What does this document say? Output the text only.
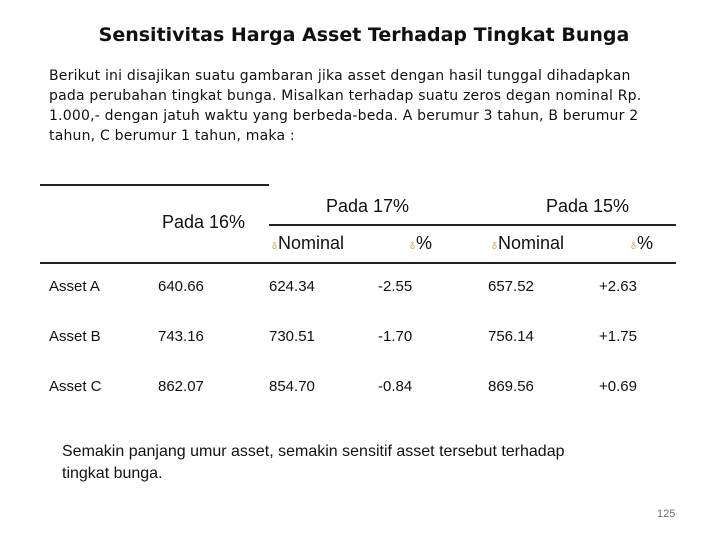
Sensitivitas Harga Asset Terhadap Tingkat Bunga
Berikut ini disajikan suatu gambaran jika asset dengan hasil tunggal dihadapkan
pada perubahan tingkat bunga. Misalkan terhadap suatu zeros degan nominal Rp.
1.000,- dengan jatuh waktu yang berbeda-beda. A berumur 3 tahun, B berumur 2
tahun, C berumur 1 tahun, maka :
Pada 16%
Pada 17%	Pada 15%
δNominal	δ%	δNominal	δ%
Asset A	640.66	624.34	-2.55	657.52	+2.63
Asset B	743.16	730.51	-1.70	756.14	+1.75
Asset C	862.07	854.70	-0.84	869.56	+0.69
Semakin panjang umur asset, semakin sensitif asset tersebut terhadap
tingkat bunga.
125
